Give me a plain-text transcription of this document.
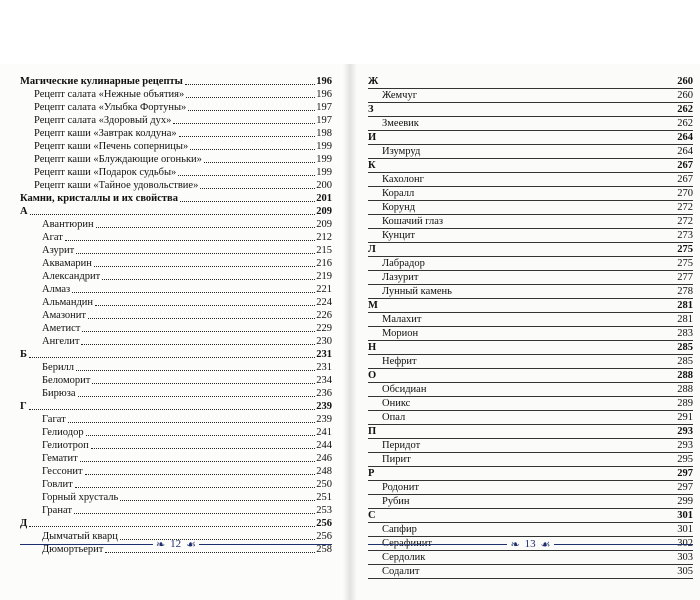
Магические кулинарные рецепты	196
Рецепт салата «Нежные объятия»	196
Рецепт салата «Улыбка Фортуны»	197
Рецепт салата «Здоровый дух»	197
Рецепт каши «Завтрак колдуна»	198
Рецепт каши «Печень соперницы»	199
Рецепт каши «Блуждающие огоньки»	199
Рецепт каши «Подарок судьбы»	199
Рецепт каши «Тайное удовольствие»	200
Камни, кристаллы и их свойства	201
А	209
Авантюрин	209
Агат	212
Азурит	215
Аквамарин	216
Александрит	219
Алмаз	221
Альмандин	224
Амазонит	226
Аметист	229
Ангелит	230
Б	231
Берилл	231
Беломорит	234
Бирюза	236
Г	239
Гагат	239
Гелиодор	241
Гелиотроп	244
Гематит	246
Гессонит	248
Говлит	250
Горный хрусталь	251
Гранат	253
Д	256
Дымчатый кварц	256
Дюмортьерит	258
Ж	260
Жемчуг	260
З	262
Змеевик	262
И	264
Изумруд	264
К	267
Кахолонг	267
Коралл	270
Корунд	272
Кошачий глаз	272
Кунцит	273
Л	275
Лабрадор	275
Лазурит	277
Лунный камень	278
М	281
Малахит	281
Морион	283
Н	285
Нефрит	285
О	288
Обсидиан	288
Оникс	289
Опал	291
П	293
Перидот	293
Пирит	295
Р	297
Родонит	297
Рубин	299
С	301
Сапфир	301
Серафинит	302
Сердолик	303
Содалит	305
❧ 12 ☙	❧ 13 ☙
